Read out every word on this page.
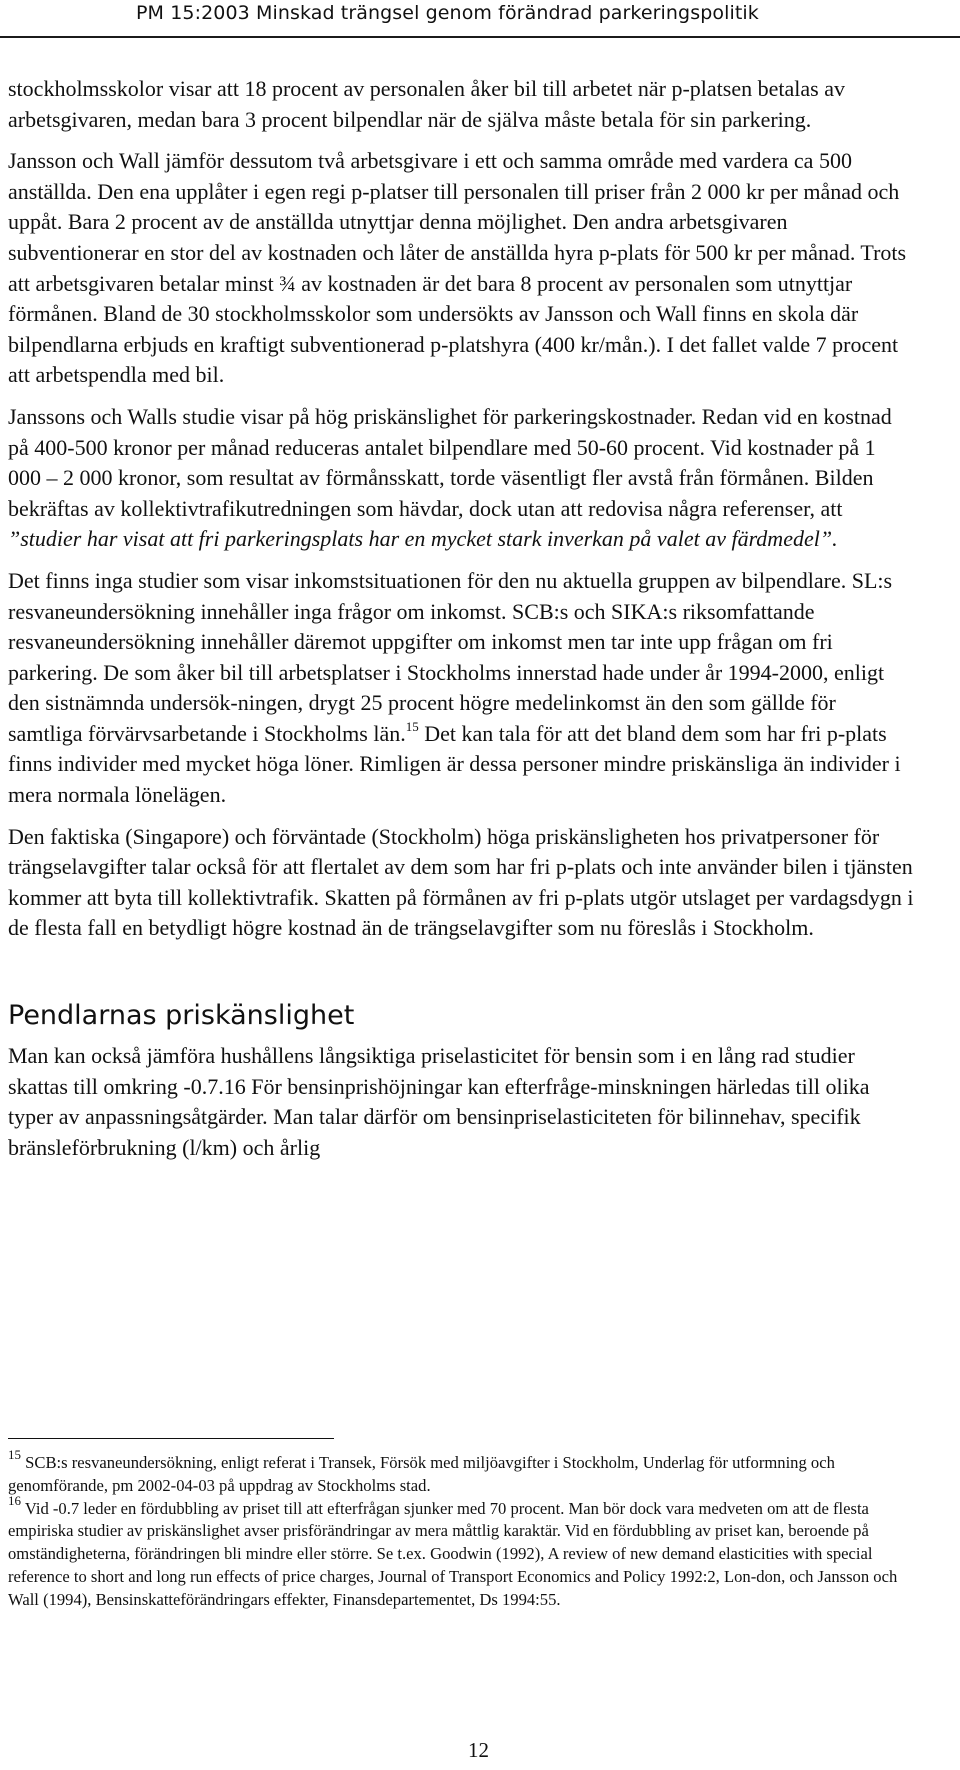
PM 15:2003 Minskad trängsel genom förändrad parkeringspolitik

stockholmsskolor visar att 18 procent av personalen åker bil till arbetet när p-platsen betalas av arbetsgivaren, medan bara 3 procent bilpendlar när de själva måste betala för sin parkering.

Jansson och Wall jämför dessutom två arbetsgivare i ett och samma område med vardera ca 500 anställda. Den ena upplåter i egen regi p-platser till personalen till priser från 2 000 kr per månad och uppåt. Bara 2 procent av de anställda utnyttjar denna möjlighet. Den andra arbetsgivaren subventionerar en stor del av kostnaden och låter de anställda hyra p-plats för 500 kr per månad. Trots att arbetsgivaren betalar minst ¾ av kostnaden är det bara 8 procent av personalen som utnyttjar förmånen. Bland de 30 stockholmsskolor som undersökts av Jansson och Wall finns en skola där bilpendlarna erbjuds en kraftigt subventionerad p-platshyra (400 kr/mån.). I det fallet valde 7 procent att arbetspendla med bil.

Janssons och Walls studie visar på hög priskänslighet för parkeringskostnader. Redan vid en kostnad på 400-500 kronor per månad reduceras antalet bilpendlare med 50-60 procent. Vid kostnader på 1 000 – 2 000 kronor, som resultat av förmånsskatt, torde väsentligt fler avstå från förmånen. Bilden bekräftas av kollektivtrafikutredningen som hävdar, dock utan att redovisa några referenser, att ”studier har visat att fri parkeringsplats har en mycket stark inverkan på valet av färdmedel”.

Det finns inga studier som visar inkomstsituationen för den nu aktuella gruppen av bilpendlare. SL:s resvaneundersökning innehåller inga frågor om inkomst. SCB:s och SIKA:s riksomfattande resvaneundersökning innehåller däremot uppgifter om inkomst men tar inte upp frågan om fri parkering. De som åker bil till arbetsplatser i Stockholms innerstad hade under år 1994-2000, enligt den sistnämnda undersök-ningen, drygt 25 procent högre medelinkomst än den som gällde för samtliga förvärvsarbetande i Stockholms län.$^{15}$ Det kan tala för att det bland dem som har fri p-plats finns individer med mycket höga löner. Rimligen är dessa personer mindre priskänsliga än individer i mera normala lönelägen.

Den faktiska (Singapore) och förväntade (Stockholm) höga priskänsligheten hos privatpersoner för trängselavgifter talar också för att flertalet av dem som har fri p-plats och inte använder bilen i tjänsten kommer att byta till kollektivtrafik. Skatten på förmånen av fri p-plats utgör utslaget per vardagsdygn i de flesta fall en betydligt högre kostnad än de trängselavgifter som nu föreslås i Stockholm.

Pendlarnas priskänslighet

Man kan också jämföra hushållens långsiktiga priselasticitet för bensin som i en lång rad studier skattas till omkring -0.7.16 För bensinprishöjningar kan efterfråge-minskningen härledas till olika typer av anpassningsåtgärder. Man talar därför om bensinpriselasticiteten för bilinnehav, specifik bränsleförbrukning (l/km) och årlig

$^{15}$ SCB:s resvaneundersökning, enligt referat i Transek, Försök med miljöavgifter i Stockholm, Underlag för utformning och genomförande, pm 2002-04-03 på uppdrag av Stockholms stad.

$^{16}$ Vid -0.7 leder en fördubbling av priset till att efterfrågan sjunker med 70 procent. Man bör dock vara medveten om att de flesta empiriska studier av priskänslighet avser prisförändringar av mera måttlig karaktär. Vid en fördubbling av priset kan, beroende på omständigheterna, förändringen bli mindre eller större. Se t.ex. Goodwin (1992), A review of new demand elasticities with special reference to short and long run effects of price charges, Journal of Transport Economics and Policy 1992:2, Lon-don, och Jansson och Wall (1994), Bensinskatteförändringars effekter, Finansdepartementet, Ds 1994:55.

12
